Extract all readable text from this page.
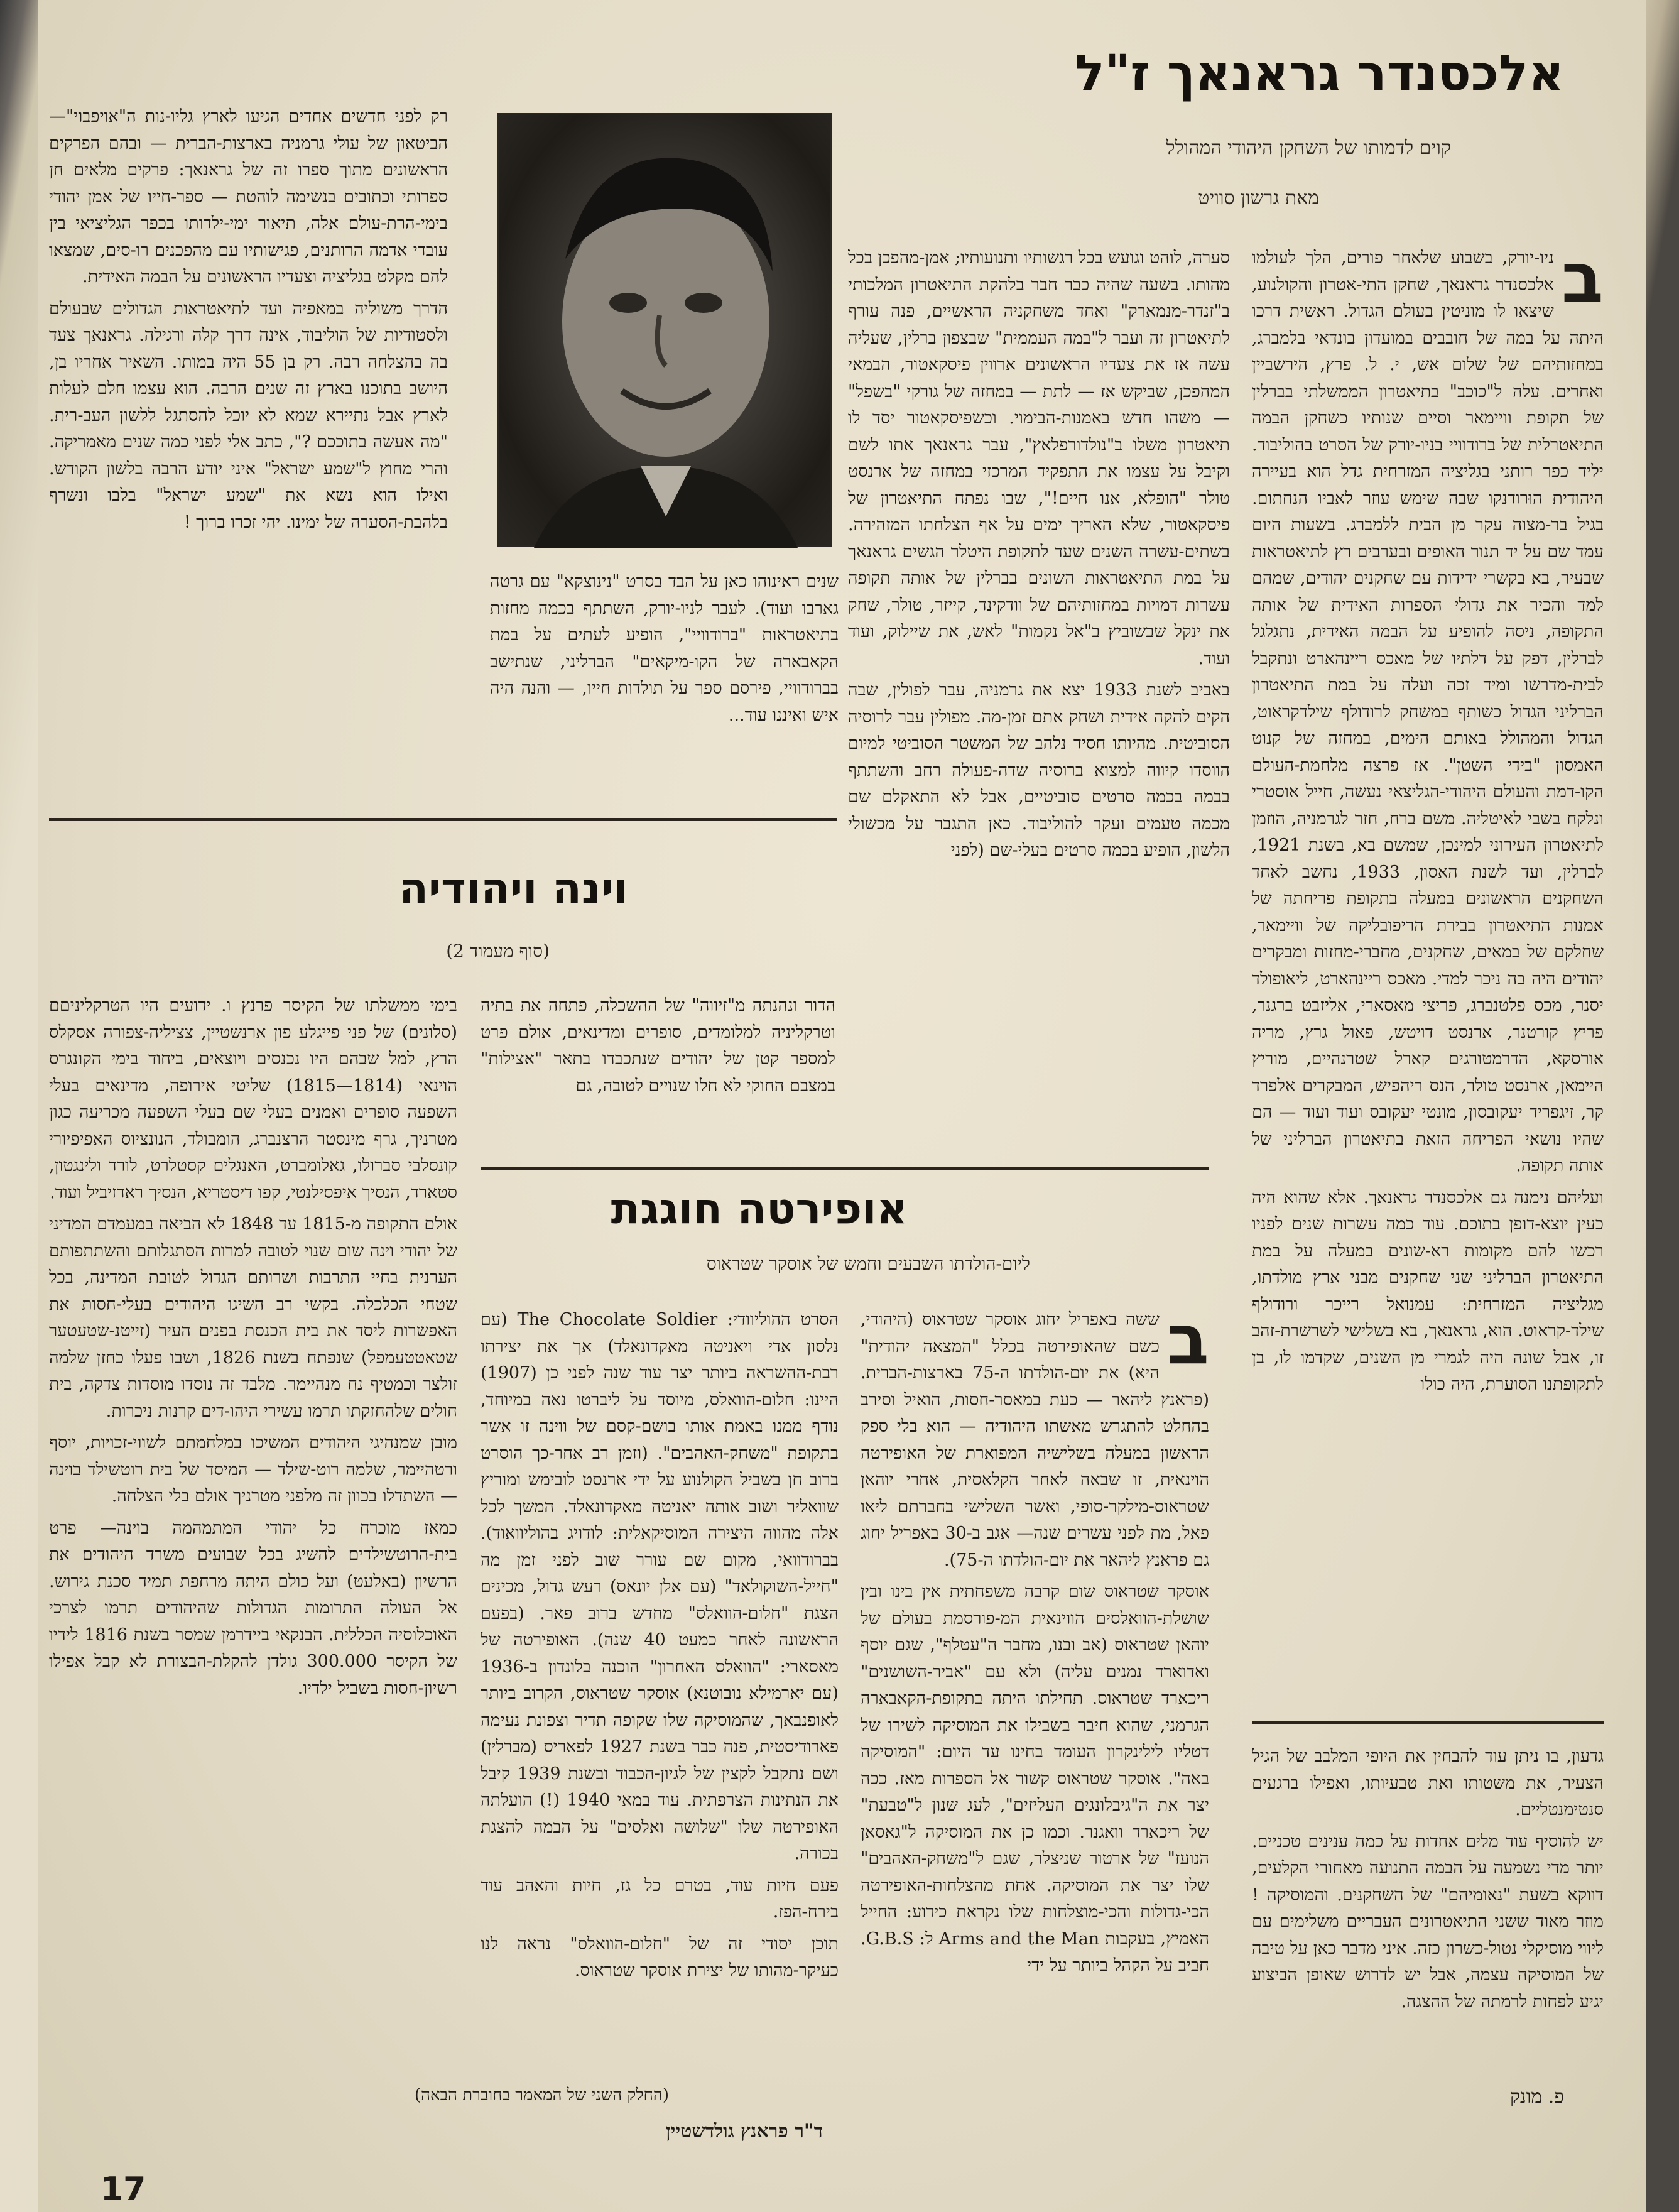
אלכסנדר גראנאך ז"ל
קוים לדמותו של השחקן היהודי המהולל
מאת גרשון סוויט
ב

ניו-יורק, בשבוע שלאחר פורים, הלך לעולמו אלכסנדר גראנאך, שחקן התי-אטרון והקולנוע, שיצאו לו מוניטין בעולם הגדול. ראשית דרכו היתה על במה של חובבים במועדון בונדאי בלמברג, במחזותיהם של שלום אש, י. ל. פרץ, הירשביין ואחרים. עלה ל"כוכב" בתיאטרון הממשלתי בברלין של תקופת וויימאר וסיים שנותיו כשחקן הבמה התיאטרלית של ברודוויי בניו-יורק של הסרט בהוליבוד. יליד כפר רותני בגליציה המזרחית גדל הוא בעיירה היהודית הוּרודנקו שבה שימש עוזר לאביו הנחתום. בגיל בר-מצוה עקר מן הבית ללמברג. בשעות היום עמד שם על יד תנור האופים ובערבים רץ לתיאטראות שבעיר, בא בקשרי ידידות עם שחקנים יהודים, שמהם למד והכיר את גדולי הספרות האידית של אותה התקופה, ניסה להופיע על הבמה האידית, נתגלגל לברלין, דפק על דלתיו של מאכס ריינהארט ונתקבל לבית-מדרשו ומיד זכה ועלה על במת התיאטרון הברליני הגדול כשותף במשחק לרודולף שילדקראוט, הגדול והמהולל באותם הימים, במחזה של קנוט האמסון "בידי השטן". אז פרצה מלחמת-העולם הקו-דמת והעולם היהודי-הגליצאי נעשה, חייל אוסטרי ונלקח בשבי לאיטליה. משם ברח, חזר לגרמניה, הוזמן לתיאטרון העירוני למינכן, שמשם בא, בשנת 1921, לברלין, ועד לשנת האסון, 1933, נחשב לאחד השחקנים הראשונים במעלה בתקופת פריחתה של אמנות התיאטרון בבירת הריפובליקה של וויימאר, שחלקם של במאים, שחקנים, מחברי-מחזות ומבקרים יהודים היה בה ניכר למדי. מאכס ריינהארט, ליאופולד יסנר, מכס פלטנברג, פריצי מאסארי, אליזבט ברגנר, פריץ קורטנר, ארנסט דויטש, פאול גרץ, מריה אורסקא, הדרמטורגים קארל שטרנהיים, מוריץ היימאן, ארנסט טולר, הנס ריהפיש, המבקרים אלפרד קר, זיגפריד יעקובסון, מונטי יעקובס ועוד ועוד — הם שהיו נושאי הפריחה הזאת בתיאטרון הברליני של אותה תקופה.

ועליהם נימנה גם אלכסנדר גראנאך. אלא שהוא היה כעין יוצא-דופן בתוכם. עוד כמה עשרות שנים לפניו רכשו להם מקומות רא-שונים במעלה על במת התיאטרון הברליני שני שחקנים מבני ארץ מולדתו, מגליציה המזרחית: עמנואל רייכר ורודולף שילד-קראוט. הוא, גראנאך, בא בשלישי לשרשרת-זהב זו, אבל שונה היה לגמרי מן השנים, שקדמו לו, בן לתקופתנו הסוערת, היה כולו

סערה, לוהט וגועש בכל רגשותיו ותנועותיו; אמן-מהפכן בכל מהותו. בשעה שהיה כבר חבר בלהקת התיאטרון המלכותי ב"זנדר-מנמארק" ואחד משחקניה הראשיים, פנה עורף לתיאטרון זה ועבר ל"במה העממית" שבצפון ברלין, שעליה עשה אז את צעדיו הראשונים ארווין פיסקאטור, הבמאי המהפכן, שביקש אז — לתת — במחזה של גורקי "בשפל" — משהו חדש באמנות-הבימוי. וכשפיסקאטור יסד לו תיאטרון משלו ב"נולדורפלאץ", עבר גראנאך אתו לשם וקיבל על עצמו את התפקיד המרכזי במחזה של ארנסט טולר "הופלא, אנו חיים!", שבו נפתח התיאטרון של פיסקאטור, שלא האריך ימים על אף הצלחתו המזהירה. בשתים-עשרה השנים שעד לתקופת היטלר הגשים גראנאך על במת התיאטראות השונים בברלין של אותה תקופה עשרות דמויות במחזותיהם של וודקינד, קייזר, טולר, שחק את ינקל שבשוביץ ב"אל נקמות" לאש, את שיילוק, ועוד ועוד.

באביב לשנת 1933 יצא את גרמניה, עבר לפולין, שבה הקים להקה אידית ושחק אתם זמן-מה. מפולין עבר לרוסיה הסוביטית. מהיותו חסיד נלהב של המשטר הסוביטי למיום הווסדו קיווה למצוא ברוסיה שדה-פעולה רחב והשתתף בבמה בכמה סרטים סוביטיים, אבל לא התאקלם שם מכמה טעמים ועקר להוליבוד. כאן התגבר על מכשולי הלשון, הופיע בכמה סרטים בעלי-שם (לפני

שנים ראינוהו כאן על הבד בסרט "נינוצקא" עם גרטה גארבו ועוד). לעבר לניו-יורק, השתתף בכמה מחזות בתיאטראות "ברודוויי", הופיע לעתים על במת הקאבארה של הקו-מיקאים" הברליני, שנתישב בברודוויי, פירסם ספר על תולדות חייו, — והנה היה איש ואיננו עוד...

רק לפני חדשים אחדים הגיעו לארץ גליו-נות ה"אויפבוי"—הביטאון של עולי גרמניה בארצות-הברית — ובהם הפרקים הראשונים מתוך ספרו זה של גראנאך: פרקים מלאים חן ספרותי וכתובים בנשימה לוהטת — ספר-חייו של אמן יהודי בימי-הרת-עולם אלה, תיאור ימי-ילדותו בכפר הגליציאי בין עובדי אדמה הרותנים, פגישותיו עם מהפכנים רו-סים, שמצאו להם מקלט בגליציה וצעדיו הראשונים על הבמה האידית.

הדרך משוליה במאפיה ועד לתיאטראות הגדולים שבעולם ולסטודיות של הוליבוד, אינה דרך קלה ורגילה. גראנאך צעד בה בהצלחה רבה. רק בן 55 היה במותו. השאיר אחריו בן, היושב בתוכנו בארץ זה שנים הרבה. הוא עצמו חלם לעלות לארץ אבל נתיירא שמא לא יוכל להסתגל ללשון העב-רית. "מה אעשה בתוככם ?", כתב אלי לפני כמה שנים מאמריקה. והרי מחוץ ל"שמע ישראל" איני יודע הרבה בלשון הקודש. ואילו הוא נשא את "שמע ישראל" בלבו ונשרף בלהבת-הסערה של ימינו. יהי זכרו ברוך !

וינה ויהודיה
(סוף מעמוד 2)

הדור ונהנתה מ"זיווה" של ההשכלה, פתחה את בתיה וטרקליניה למלומדים, סופרים ומדינאים, אולם פרט למספר קטן של יהודים שנתכבדו בתאר "אצילות" במצבם החוקי לא חלו שנויים לטובה, גם

בימי ממשלתו של הקיסר פרנץ ו. ידועים היו הטרקליניםם (סלונים) של פני פייגלע פון ארנשטיין, צציליה-צפורה אסקלס הרץ, למל שבהם היו נכנסים ויוצאים, ביחוד בימי הקונגרס הוינאי (1814—1815) שליטי אירופה, מדינאים בעלי השפעה סופרים ואמנים בעלי שם בעלי השפעה מכריעה כגון מטרניך, גרף מינסטר הרצנברג, הומבולד, הנונציוס האפיפיורי קונסלבי סברולו, גאלומברט, האנגלים קסטלרט, לורד ולינגטון, סטארד, הנסיך איפסילנטי, קפו דיסטריא, הנסיך ראדזיביל ועוד.

אולם התקופה מ-1815 עד 1848 לא הביאה במעמדם המדיני של יהודי וינה שום שנוי לטובה למרות הסתגלותם והשתתפותם הערנית בחיי התרבות ושרותם הגדול לטובת המדינה, בכל שטחי הכלכלה. בקשי רב השיגו היהודים בעלי-חסות את האפשרות ליסד את בית הכנסת בפנים העיר (זייטנ-שטעטער שטאטטעמפל) שנפתח בשנת 1826, ושבו פעלו כחזן שלמה זולצר וכמטיף נח מנהיימר. מלבד זה נוסדו מוסדות צדקה, בית חולים שלהחזקתו תרמו עשירי היהו-דים קרנות ניכרות.

מובן שמנהיגי היהודים המשיכו במלחמתם לשווי-זכויות, יוסף ורטהיימר, שלמה רוט-שילד — המיסד של בית רוטשילד בוינה — השתדלו בכוון זה מלפני מטרניך אולם בלי הצלחה.

כמאז מוכרח כל יהודי המתמהמה בוינה— פרט בית-הרוטשילדים להשיג בכל שבועים משרד היהודים את הרשיון (באלעט) ועל כולם היתה מרחפת תמיד סכנת גירוש. אל העולה התרומות הגדולות שהיהודים תרמו לצרכי האוכלוסיה הכללית. הבנקאי ביידרמן שמסר בשנת 1816 לידיו של הקיסר 300.000 גולדן להקלת-הבצורת לא קבל אפילו רשיון-חסות בשביל ילדיו.

(החלק השני של המאמר בחוברת הבאה)
אופירטה חוגגת
ליום-הולדתו השבעים וחמש של אוסקר שטראוס
ב

ששה באפריל יחוג אוסקר שטראוס (היהודי, כשם שהאופירטה בכלל "המצאה יהודית" היא) את יום-הולדתו ה-75 בארצות-הברית. (פראנץ ליהאר — כעת במאסר-חסות, הואיל וסירב בהחלט להתגרש מאשתו היהודיה — הוא בלי ספק הראשון במעלה בשלישיה המפוארת של האופירטה הוינאית, זו שבאה לאחר הקלאסית, אחרי יוהאן שטראוס-מילקר-סופי, ואשר השלישי בחברתם ליאו פאל, מת לפני עשרים שנה— אגב ב-30 באפריל יחוג גם פראנץ ליהאר את יום-הולדתו ה-75).

אוסקר שטראוס שום קרבה משפחתית אין בינו ובין שושלת-הוואלסים הווינאית המ-פורסמת בעולם של יוהאן שטראוס (אב ובנו, מחבר ה"עטלף", שגם יוסף ואדוארד נמנים עליה) ולא עם "אביר-השושנים" ריכארד שטראוס. תחילתו היתה בתקופת-הקאבארה הגרמני, שהוא חיבר בשבילו את המוסיקה לשירו של דטליו לילינקרון העומד בחינו עד היום: "המוסיקה באה". אוסקר שטראוס קשור אל הספרות מאז. ככה יצר את ה"גיבלונגים העליזים", לעג שנון ל"טבעת" של ריכארד וואגנר. וכמו כן את המוסיקה ל"גאסאן הנועז" של ארטור שניצלר, שגם ל"משחק-האהבים" שלו יצר את המוסיקה. אחת מהצלחות-האופירטה הכי-גדולות והכי-מוצלחות שלו נקראת כידוע: החייל האמיץ, בעקבות Arms and the Man ל: G.B.S. חביב על הקהל ביותר על ידי

הסרט ההוליוודי: The Chocolate Soldier (עם נלסון אדי ויאניטה מאקדונאלד) אך את יצירתו רבת-ההשראה ביותר יצר עוד שנה לפני כן (1907) היינו: חלום-הוואלס, מיוסד על ליברטו נאה במיוחד, נודף ממנו באמת אותו בושם-קסם של ווינה זו אשר בתקופת "משחק-האהבים". (וזמן רב אחר-כך הוסרט ברוב חן בשביל הקולנוע על ידי ארנסט לובימש ומוריץ שוואליר ושוב אותה יאניטה מאקדונאלד. המשך לכל אלה מהווה היצירה המוסיקאלית: לודויג בהוליוואוד). בברודוואי, מקום שם עורר שוב לפני זמן מה "חייל-השוקולאד" (עם אלן יונאס) רעש גדול, מכינים הצגת "חלום-הוואלס" מחדש ברוב פאר. (בפעם הראשונה לאחר כמעט 40 שנה). האופירטה של מאסארי: "הוואלס האחרון" הוכנה בלונדון ב-1936 (עם יארמילא נובוטנא) אוסקר שטראוס, הקרוב ביותר לאופנבאך, שהמוסיקה שלו שקופה תדיר וצפונת נעימה פארודיסטית, פנה כבר בשנת 1927 לפאריס (מברלין) ושם נתקבל לקצין של לגיון-הכבוד ובשנת 1939 קיבל את הנתינות הצרפתית. עוד במאי 1940 (!) הועלתה האופירטה שלו "שלושה ואלסים" על הבמה להצגת בכורה.

פעם חיות עוד, בטרם כל גז, חיות והאהב עוד בירח-הפז.

תוכן יסודי זה של "חלום-הוואלס" נראה לנו כעיקר-מהותו של יצירת אוסקר שטראוס.

ד"ר פראנץ גולדשטיין

גדעון, בו ניתן עוד להבחין את היופי המלבב של הגיל הצעיר, את משטותו ואת טבעיותו, ואפילו ברגעים סנטימנטליים.

יש להוסיף עוד מלים אחדות על כמה ענינים טכניים. יותר מדי נשמעה על הבמה התנועה מאחורי הקלעים, דווקא בשעת "נאומיהם" של השחקנים. והמוסיקה ! מוזר מאוד ששני התיאטרונים העבריים משלימים עם ליווי מוסיקלי נטול-כשרון כזה. איני מדבר כאן על טיבה של המוסיקה עצמה, אבל יש לדרוש שאופן הביצוע יגיע לפחות לרמתה של ההצגה.

פ. מונק
17
